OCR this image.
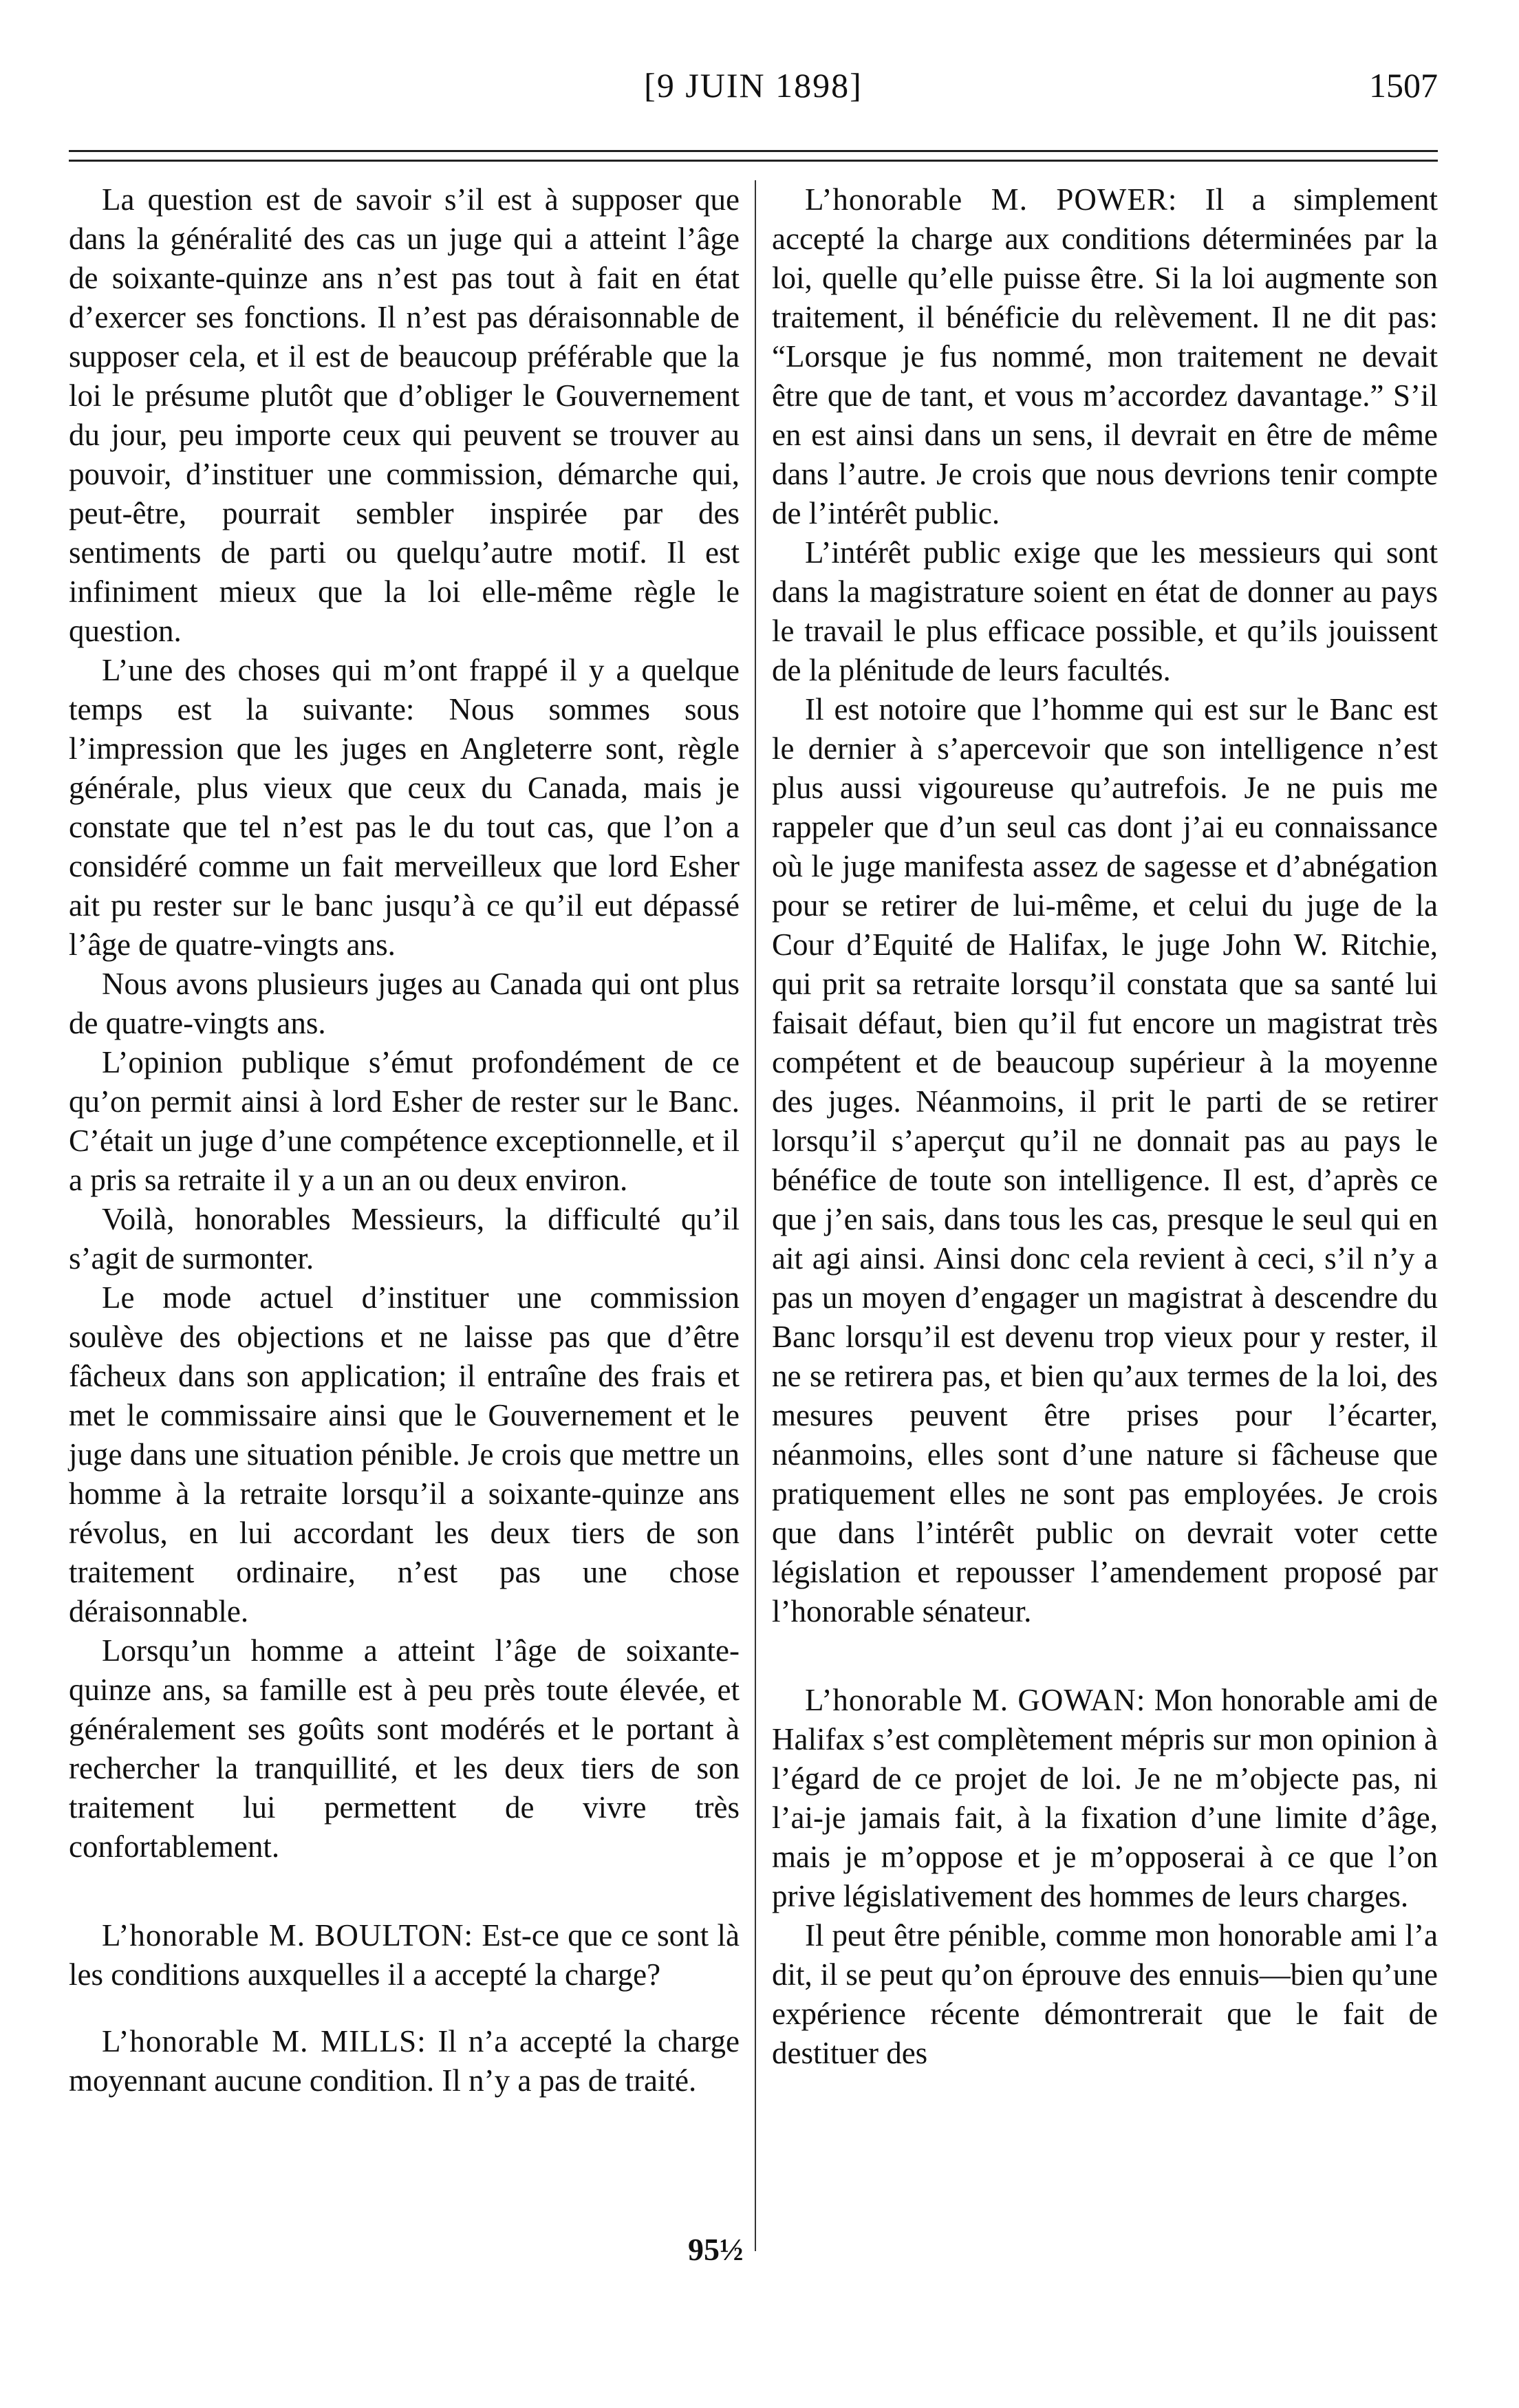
[9 JUIN 1898]	1507

La question est de savoir s’il est à supposer que dans la généralité des cas un juge qui a atteint l’âge de soixante-quinze ans n’est pas tout à fait en état d’exercer ses fonctions. Il n’est pas déraisonnable de supposer cela, et il est de beaucoup préférable que la loi le présume plutôt que d’obliger le Gouvernement du jour, peu importe ceux qui peuvent se trouver au pouvoir, d’instituer une commission, démarche qui, peut-être, pourrait sembler inspirée par des sentiments de parti ou quelqu’autre motif. Il est infiniment mieux que la loi elle-même règle le question.

L’une des choses qui m’ont frappé il y a quelque temps est la suivante: Nous sommes sous l’impression que les juges en Angleterre sont, règle générale, plus vieux que ceux du Canada, mais je constate que tel n’est pas le du tout cas, que l’on a considéré comme un fait merveilleux que lord Esher ait pu rester sur le banc jusqu’à ce qu’il eut dépassé l’âge de quatre-vingts ans.

Nous avons plusieurs juges au Canada qui ont plus de quatre-vingts ans.

L’opinion publique s’émut profondément de ce qu’on permit ainsi à lord Esher de rester sur le Banc. C’était un juge d’une compétence exceptionnelle, et il a pris sa retraite il y a un an ou deux environ.

Voilà, honorables Messieurs, la difficulté qu’il s’agit de surmonter.

Le mode actuel d’instituer une commission soulève des objections et ne laisse pas que d’être fâcheux dans son application; il entraîne des frais et met le commissaire ainsi que le Gouvernement et le juge dans une situation pénible. Je crois que mettre un homme à la retraite lorsqu’il a soixante-quinze ans révolus, en lui accordant les deux tiers de son traitement ordinaire, n’est pas une chose déraisonnable.

Lorsqu’un homme a atteint l’âge de soixante-quinze ans, sa famille est à peu près toute élevée, et généralement ses goûts sont modérés et le portant à rechercher la tranquillité, et les deux tiers de son traitement lui permettent de vivre très confortablement.

L’honorable M. BOULTON: Est-ce que ce sont là les conditions auxquelles il a accepté la charge?

L’honorable M. MILLS: Il n’a accepté la charge moyennant aucune condition. Il n’y a pas de traité.

L’honorable M. POWER: Il a simplement accepté la charge aux conditions déterminées par la loi, quelle qu’elle puisse être. Si la loi augmente son traitement, il bénéficie du relèvement. Il ne dit pas: “Lorsque je fus nommé, mon traitement ne devait être que de tant, et vous m’accordez davantage.” S’il en est ainsi dans un sens, il devrait en être de même dans l’autre. Je crois que nous devrions tenir compte de l’intérêt public.

L’intérêt public exige que les messieurs qui sont dans la magistrature soient en état de donner au pays le travail le plus efficace possible, et qu’ils jouissent de la plénitude de leurs facultés.

Il est notoire que l’homme qui est sur le Banc est le dernier à s’apercevoir que son intelligence n’est plus aussi vigoureuse qu’autrefois. Je ne puis me rappeler que d’un seul cas dont j’ai eu connaissance où le juge manifesta assez de sagesse et d’abnégation pour se retirer de lui-même, et celui du juge de la Cour d’Equité de Halifax, le juge John W. Ritchie, qui prit sa retraite lorsqu’il constata que sa santé lui faisait défaut, bien qu’il fut encore un magistrat très compétent et de beaucoup supérieur à la moyenne des juges. Néanmoins, il prit le parti de se retirer lorsqu’il s’aperçut qu’il ne donnait pas au pays le bénéfice de toute son intelligence. Il est, d’après ce que j’en sais, dans tous les cas, presque le seul qui en ait agi ainsi. Ainsi donc cela revient à ceci, s’il n’y a pas un moyen d’engager un magistrat à descendre du Banc lorsqu’il est devenu trop vieux pour y rester, il ne se retirera pas, et bien qu’aux termes de la loi, des mesures peuvent être prises pour l’écarter, néanmoins, elles sont d’une nature si fâcheuse que pratiquement elles ne sont pas employées. Je crois que dans l’intérêt public on devrait voter cette législation et repousser l’amendement proposé par l’honorable sénateur.

L’honorable M. GOWAN: Mon honorable ami de Halifax s’est complètement mépris sur mon opinion à l’égard de ce projet de loi. Je ne m’objecte pas, ni l’ai-je jamais fait, à la fixation d’une limite d’âge, mais je m’oppose et je m’opposerai à ce que l’on prive législativement des hommes de leurs charges.

Il peut être pénible, comme mon honorable ami l’a dit, il se peut qu’on éprouve des ennuis—bien qu’une expérience récente démontrerait que le fait de destituer des

95½
